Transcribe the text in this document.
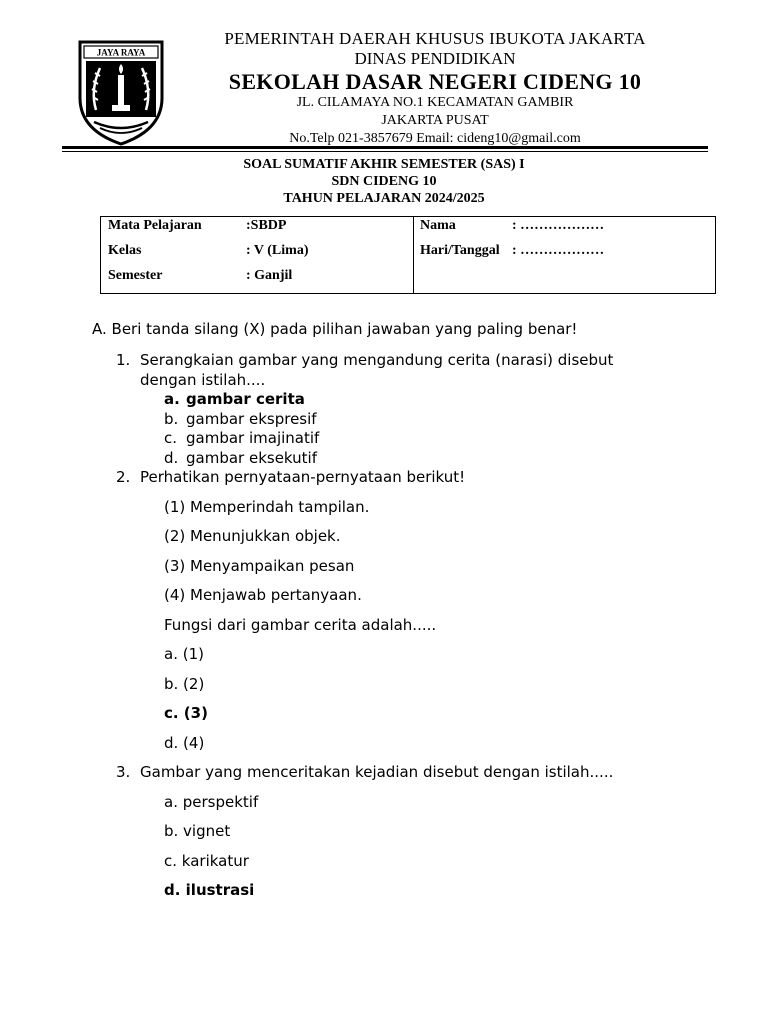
JAYA RAYA
PEMERINTAH DAERAH KHUSUS IBUKOTA JAKARTA
DINAS PENDIDIKAN
SEKOLAH DASAR NEGERI CIDENG 10
JL. CILAMAYA NO.1 KECAMATAN GAMBIR
JAKARTA PUSAT
No.Telp 021-3857679 Email: cideng10@gmail.com
SOAL SUMATIF AKHIR SEMESTER (SAS) I
SDN CIDENG 10
TAHUN PELAJARAN 2024/2025
Mata Pelajaran	:SBDP
Kelas	: V (Lima)
Semester	: Ganjil
Nama	: ………………
Hari/Tanggal : ………………
A. Beri tanda silang (X) pada pilihan jawaban yang paling benar!
1. Serangkaian gambar yang mengandung cerita (narasi) disebut dengan istilah....
a. gambar cerita
b. gambar ekspresif
c. gambar imajinatif
d. gambar eksekutif
2. Perhatikan pernyataan-pernyataan berikut!
(1) Memperindah tampilan.
(2) Menunjukkan objek.
(3) Menyampaikan pesan
(4) Menjawab pertanyaan.
Fungsi dari gambar cerita adalah.....
a. (1)
b. (2)
c. (3)
d. (4)
3. Gambar yang menceritakan kejadian disebut dengan istilah.....
a. perspektif
b. vignet
c. karikatur
d. ilustrasi
